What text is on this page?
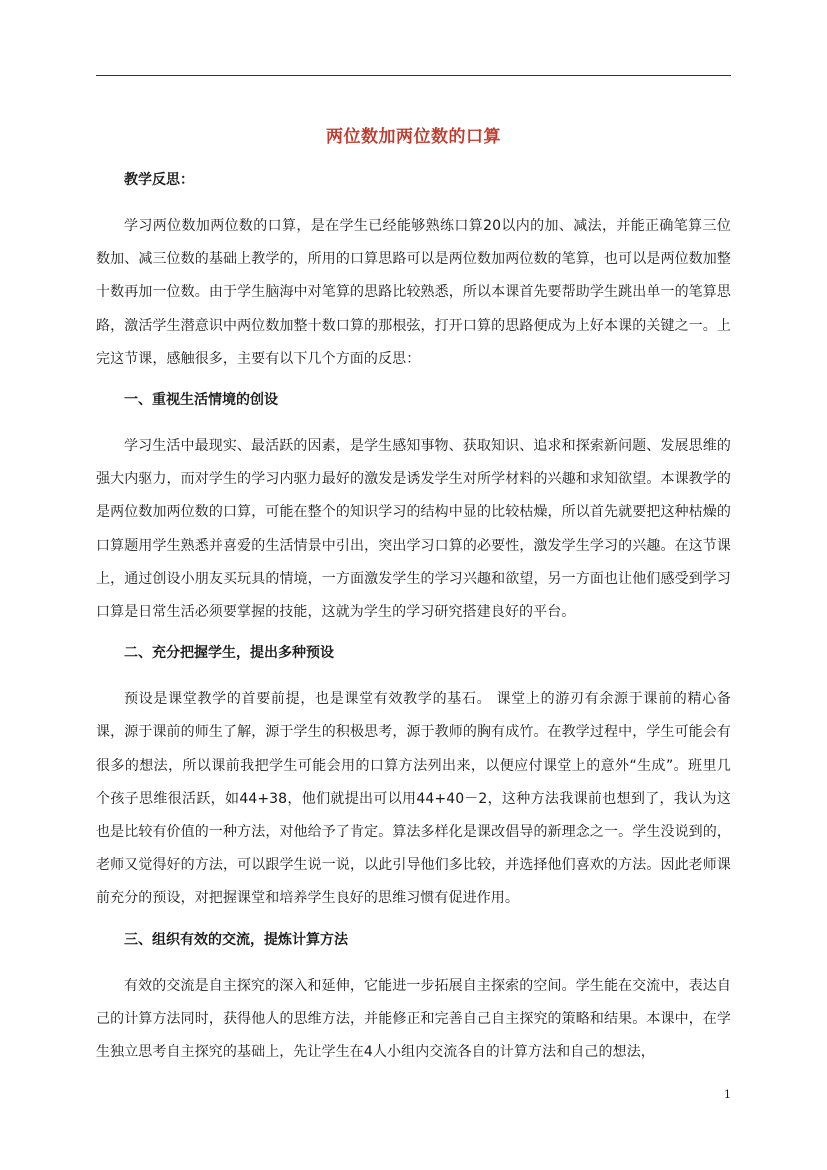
两位数加两位数的口算
教学反思：
学习两位数加两位数的口算，是在学生已经能够熟练口算20以内的加、减法，并能正确笔算三位数加、减三位数的基础上教学的，所用的口算思路可以是两位数加两位数的笔算，也可以是两位数加整十数再加一位数。由于学生脑海中对笔算的思路比较熟悉，所以本课首先要帮助学生跳出单一的笔算思路，激活学生潜意识中两位数加整十数口算的那根弦，打开口算的思路便成为上好本课的关键之一。上完这节课，感触很多，主要有以下几个方面的反思：
一、重视生活情境的创设
学习生活中最现实、最活跃的因素，是学生感知事物、获取知识、追求和探索新问题、发展思维的强大内驱力，而对学生的学习内驱力最好的激发是诱发学生对所学材料的兴趣和求知欲望。本课教学的是两位数加两位数的口算，可能在整个的知识学习的结构中显的比较枯燥，所以首先就要把这种枯燥的口算题用学生熟悉并喜爱的生活情景中引出，突出学习口算的必要性，激发学生学习的兴趣。在这节课上，通过创设小朋友买玩具的情境，一方面激发学生的学习兴趣和欲望，另一方面也让他们感受到学习口算是日常生活必须要掌握的技能，这就为学生的学习研究搭建良好的平台。
二、充分把握学生，提出多种预设
预设是课堂教学的首要前提，也是课堂有效教学的基石。 课堂上的游刃有余源于课前的精心备课，源于课前的师生了解，源于学生的积极思考，源于教师的胸有成竹。在教学过程中，学生可能会有很多的想法，所以课前我把学生可能会用的口算方法列出来，以便应付课堂上的意外“生成”。班里几个孩子思维很活跃，如44+38，他们就提出可以用44+40－2，这种方法我课前也想到了，我认为这也是比较有价值的一种方法，对他给予了肯定。算法多样化是课改倡导的新理念之一。学生没说到的，老师又觉得好的方法，可以跟学生说一说，以此引导他们多比较，并选择他们喜欢的方法。因此老师课前充分的预设，对把握课堂和培养学生良好的思维习惯有促进作用。
三、组织有效的交流，提炼计算方法
有效的交流是自主探究的深入和延伸，它能进一步拓展自主探索的空间。学生能在交流中，表达自己的计算方法同时，获得他人的思维方法，并能修正和完善自己自主探究的策略和结果。本课中，在学生独立思考自主探究的基础上，先让学生在4人小组内交流各自的计算方法和自己的想法，
1
